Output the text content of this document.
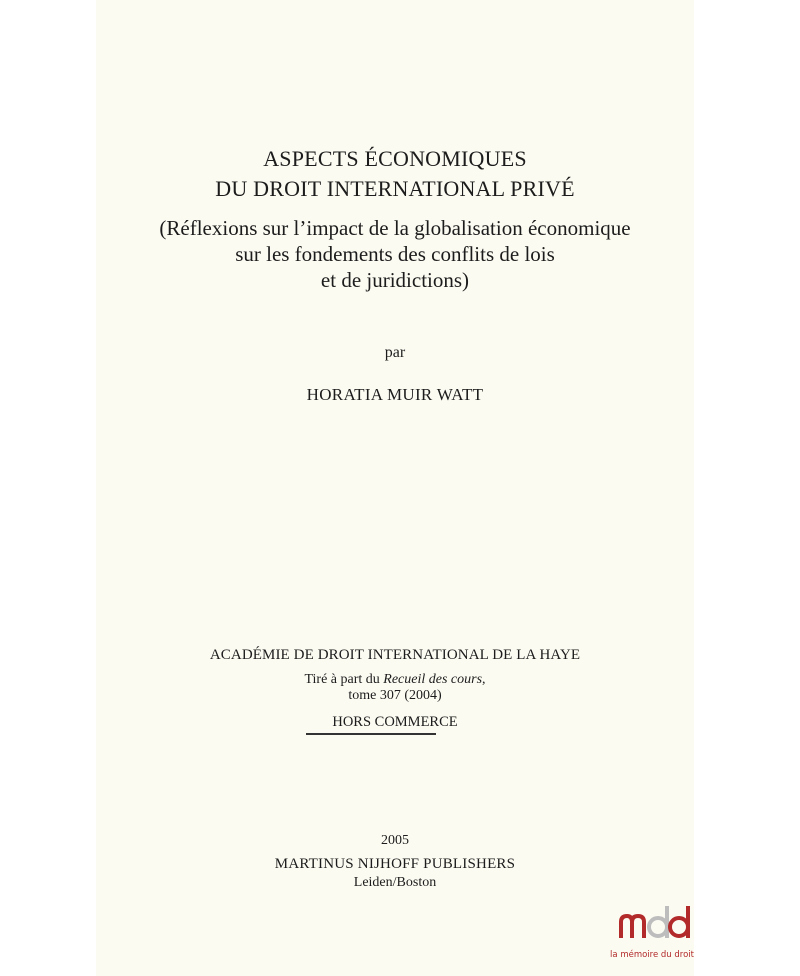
ASPECTS ÉCONOMIQUES
DU DROIT INTERNATIONAL PRIVÉ
(Réflexions sur l’impact de la globalisation économique
sur les fondements des conflits de lois
et de juridictions)
par
HORATIA MUIR WATT
ACADÉMIE DE DROIT INTERNATIONAL DE LA HAYE
Tiré à part du Recueil des cours,
tome 307 (2004)
HORS COMMERCE
2005
MARTINUS NIJHOFF PUBLISHERS
Leiden/Boston
la mémoire du droit
